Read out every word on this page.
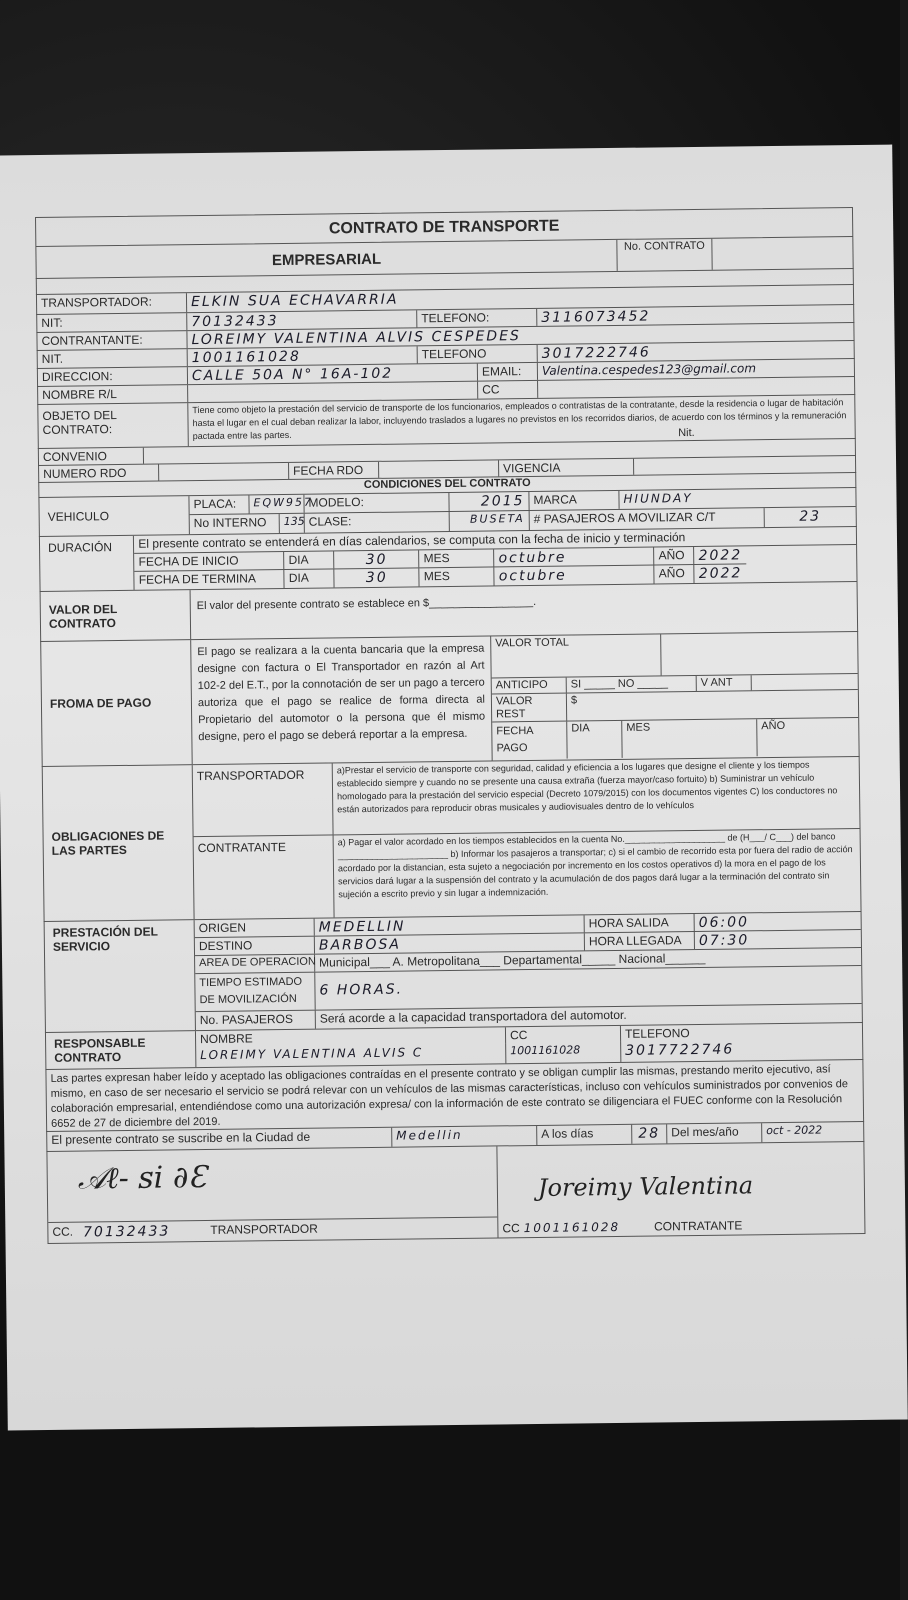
CONTRATO DE TRANSPORTE
EMPRESARIAL
No. CONTRATO
TRANSPORTADOR:	ELKIN SUA ECHAVARRIA
NIT:	70132433	TELEFONO:	3116073452
CONTRANTANTE:	LOREIMY VALENTINA ALVIS CESPEDES
NIT.	1001161028	TELEFONO	3017222746
DIRECCION:	CALLE 50A N° 16A-102	EMAIL:	Valentina.cespedes123@gmail.com
NOMBRE R/L	CC
OBJETO DEL CONTRATO:
Tiene como objeto la prestación del servicio de transporte de los funcionarios, empleados o contratistas de la contratante, desde la residencia o lugar de habitación hasta el lugar en el cual deban realizar la labor, incluyendo traslados a lugares no previstos en los recorridos diarios, de acuerdo con los términos y la remuneración pactada entre las partes.	Nit.
CONVENIO
NUMERO RDO	FECHA RDO	VIGENCIA
CONDICIONES DEL CONTRATO
VEHICULO
PLACA:	EQW957
MODELO:	2015 MARCA	HIUNDAY
No INTERNO	135 CLASE:	BUSETA # PASAJEROS A MOVILIZAR C/T	23
DURACIÓN	El presente contrato se entenderá en días calendarios, se computa con la fecha de inicio y terminación
FECHA DE INICIO	DIA	30	MES	octubre	AÑO 2022
FECHA DE TERMINA	DIA	30	MES	octubre	AÑO 2022
VALOR DEL CONTRATO
El valor del presente contrato se establece en $_________________.
FROMA DE PAGO
El pago se realizara a la cuenta bancaria que la empresa designe con factura o El Transportador en razón al Art 102-2 del E.T., por la connotación de ser un pago a tercero autoriza que el pago se realice de forma directa al Propietario del automotor o la persona que él mismo designe, pero el pago se deberá reportar a la empresa.
VALOR TOTAL
ANTICIPO	SI _____ NO _____	V ANT
VALOR REST
$
FECHA PAGO
DIA	MES	AÑO
OBLIGACIONES DE LAS PARTES
TRANSPORTADOR
a)Prestar el servicio de transporte con seguridad, calidad y eficiencia a los lugares que designe el cliente y los tiempos establecido siempre y cuando no se presente una causa extraña (fuerza mayor/caso fortuito) b) Suministrar un vehículo homologado para la prestación del servicio especial (Decreto 1079/2015) con los documentos vigentes C) los conductores no están autorizados para reproducir obras musicales y audiovisuales dentro de lo vehículos
CONTRATANTE
a) Pagar el valor acordado en los tiempos establecidos en la cuenta No.____________________ de (H___/ C___) del banco ______________________ b) Informar los pasajeros a transportar; c) si el cambio de recorrido esta por fuera del radio de acción acordado por la distancian, esta sujeto a negociación por incremento en los costos operativos d) la mora en el pago de los servicios dará lugar a la suspensión del contrato y la acumulación de dos pagos dará lugar a la terminación del contrato sin sujeción a escrito previo y sin lugar a indemnización.
PRESTACIÓN DEL SERVICIO
ORIGEN	MEDELLIN	HORA SALIDA	06:00
DESTINO	BARBOSA	HORA LLEGADA	07:30
AREA DE OPERACION Municipal___ A. Metropolitana___ Departamental_____ Nacional______
TIEMPO ESTIMADO DE MOVILIZACIÓN
6 HORAS.
No. PASAJEROS	Será acorde a la capacidad transportadora del automotor.
RESPONSABLE CONTRATO
NOMBRE	CC	TELEFONO
LOREIMY VALENTINA ALVIS C	1001161028	3017722746
Las partes expresan haber leído y aceptado las obligaciones contraídas en el presente contrato y se obligan cumplir las mismas, prestando merito ejecutivo, así mismo, en caso de ser necesario el servicio se podrá relevar con un vehículos de las mismas características, incluso con vehículos suministrados por convenios de colaboración empresarial, entendiéndose como una autorización expresa/ con la información de este contrato se diligenciara el FUEC conforme con la Resolución 6652 de 27 de diciembre del 2019.
El presente contrato se suscribe en la Ciudad de	Medellin	A los días	28 Del mes/año	oct - 2022
𝒜ℓ‑ ꜱi ∂Ɛ
CC. 70132433	TRANSPORTADOR
Joreimy Valentina
CC 1001161028	CONTRATANTE
